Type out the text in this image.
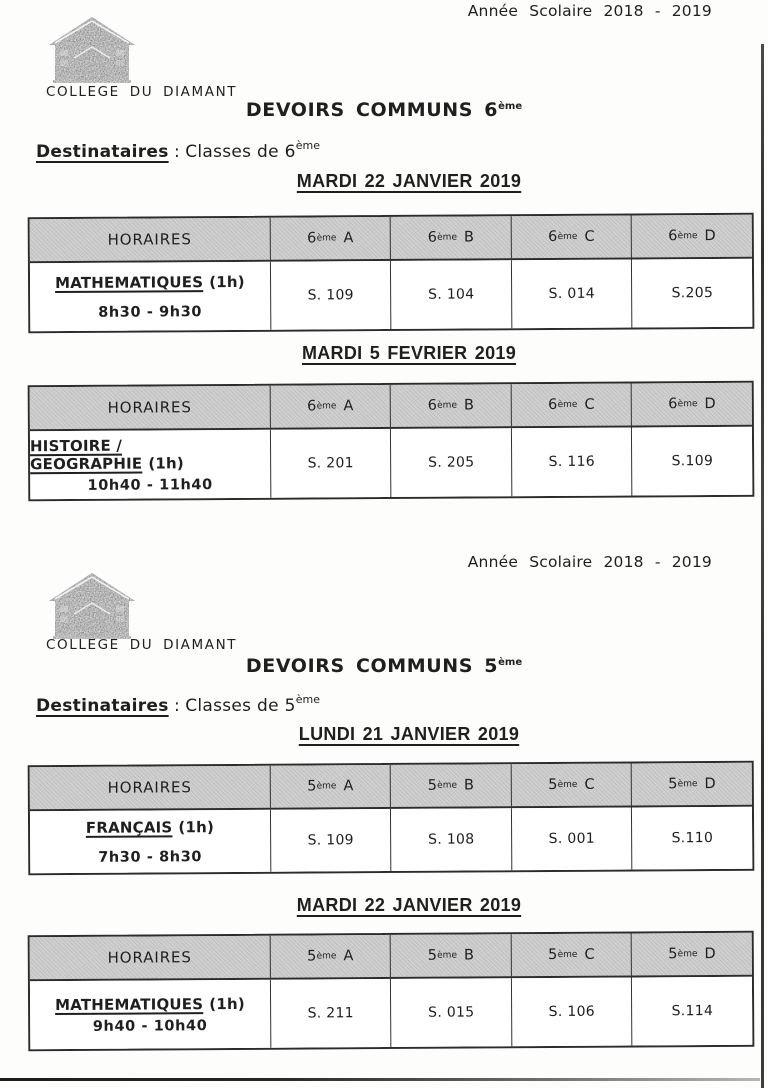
Année Scolaire 2018 - 2019
COLLEGE DU DIAMANT
DEVOIRS COMMUNS 6ème
Destinataires : Classes de 6ème
MARDI 22 JANVIER 2019
HORAIRES	6 ème A	6 ème B	6 ème C	6 ème D
MATHEMATIQUES (1h)
8h30 - 9h30
S. 109	S. 104	S. 014	S.205
MARDI 5 FEVRIER 2019
HORAIRES	6 ème A	6 ème B	6 ème C	6 ème D
HISTOIRE / GEOGRAPHIE (1h)
10h40 - 11h40
S. 201	S. 205	S. 116	S.109
Année Scolaire 2018 - 2019
COLLEGE DU DIAMANT
DEVOIRS COMMUNS 5ème
Destinataires : Classes de 5ème
LUNDI 21 JANVIER 2019
HORAIRES	5 ème A	5 ème B	5 ème C	5 ème D
FRANÇAIS (1h)
7h30 - 8h30
S. 109	S. 108	S. 001	S.110
MARDI 22 JANVIER 2019
HORAIRES	5 ème A	5 ème B	5 ème C	5 ème D
MATHEMATIQUES (1h)
9h40 - 10h40
S. 211	S. 015	S. 106	S.114
